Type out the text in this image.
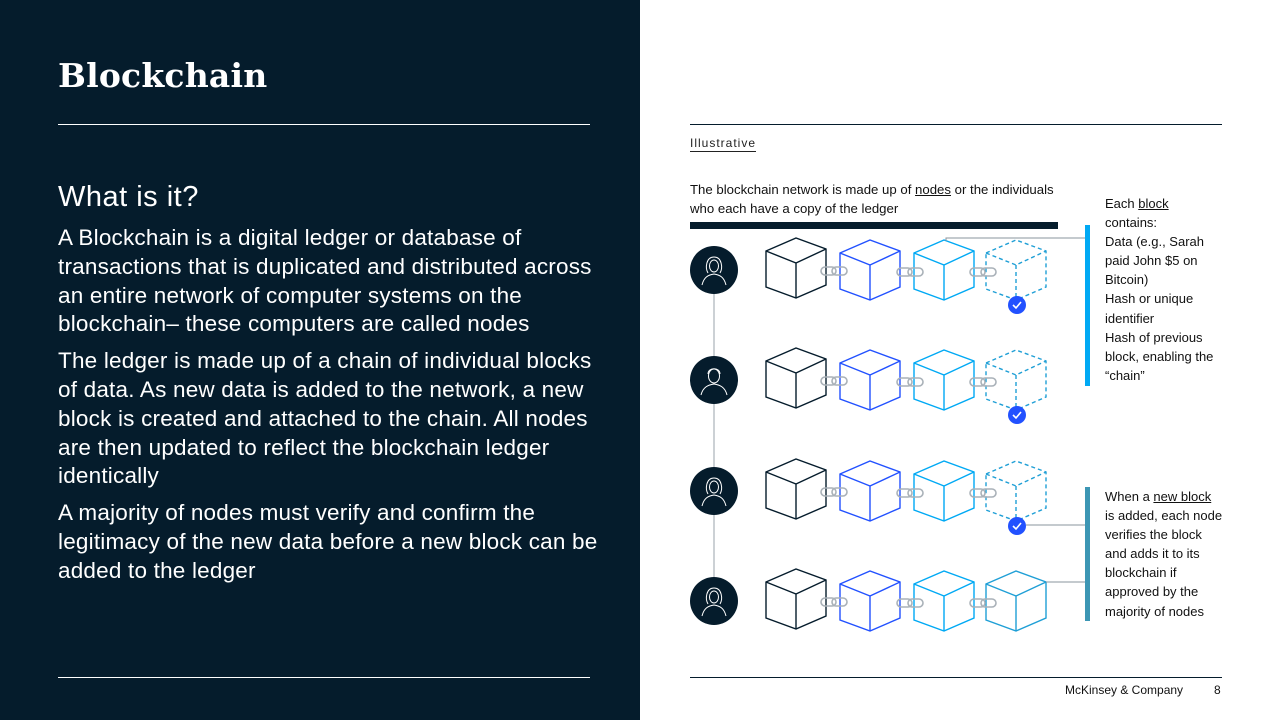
Blockchain
What is it?

A Blockchain is a digital ledger or database of transactions that is duplicated and distributed across an entire network of computer systems on the blockchain– these computers are called nodes

The ledger is made up of a chain of individual blocks of data. As new data is added to the network, a new block is created and attached to the chain. All nodes are then updated to reflect the blockchain ledger identically

A majority of nodes must verify and confirm the legitimacy of the new data before a new block can be added to the ledger

Illustrative
The blockchain network is made up of nodes or the individuals who each have a copy of the ledger	Each block

contains:

Data (e.g., Sarah paid John $5 on Bitcoin)

Hash or unique identifier

Hash of previous block, enabling the “chain”

When a new block is added, each node verifies the block and adds it to its blockchain if approved by the majority of nodes

McKinsey & Company	8
